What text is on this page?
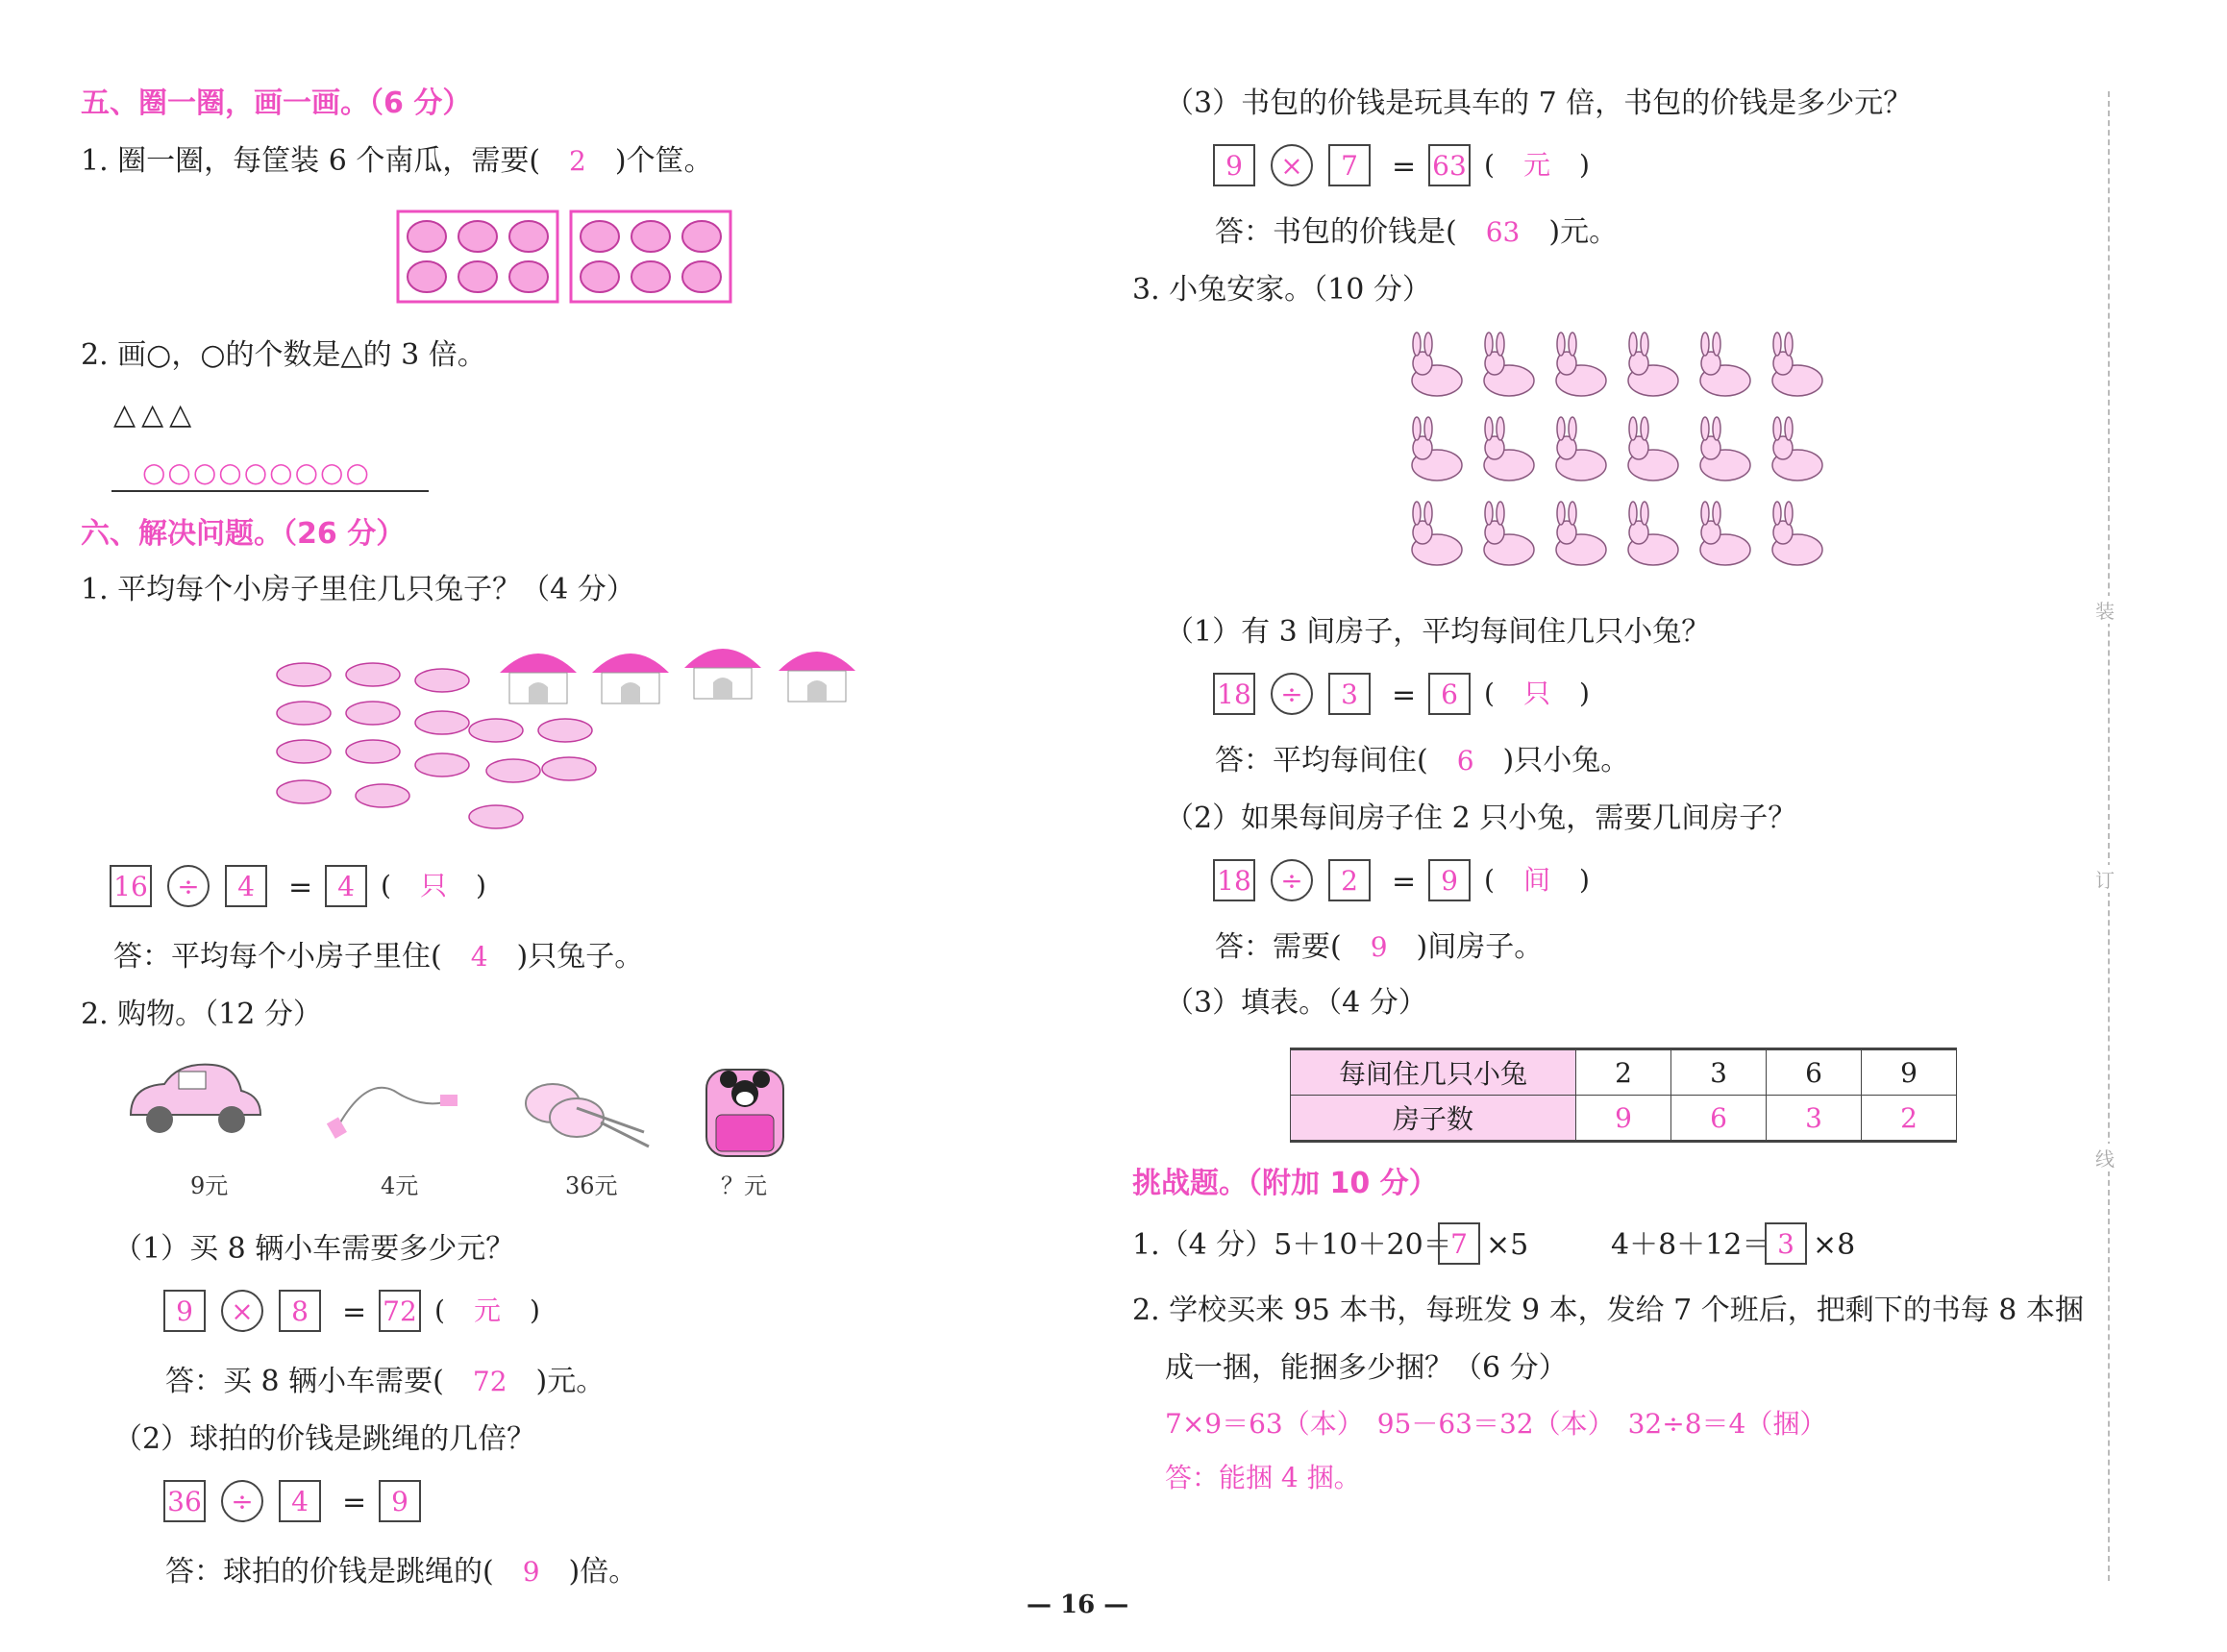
五、圈一圈，画一画。（6 分）
1. 圈一圈，每筐装 6 个南瓜，需要( 2 )个筐。
2. 画○，○的个数是△的 3 倍。
△△△
○○○○○○○○○
六、解决问题。（26 分）
1. 平均每个小房子里住几只兔子？（4 分）
16	÷	4	= 4 ( 只 )
答：平均每个小房子里住( 4 )只兔子。
2. 购物。（12 分）
9元	4元	36元	？元
（1）买 8 辆小车需要多少元？
9	×	8	= 72 ( 元 )
答：买 8 辆小车需要( 72 )元。
（2）球拍的价钱是跳绳的几倍？
36	÷	4	= 9
答：球拍的价钱是跳绳的( 9 )倍。
（3）书包的价钱是玩具车的 7 倍，书包的价钱是多少元？
9	×	7	= 63 ( 元 )
答：书包的价钱是( 63 )元。
3. 小兔安家。（10 分）
（1）有 3 间房子，平均每间住几只小兔？
18	÷	3	= 6 ( 只 )
答：平均每间住( 6 )只小兔。
（2）如果每间房子住 2 只小兔，需要几间房子？
18	÷	2	= 9 ( 间 )
答：需要( 9 )间房子。
（3）填表。（4 分）
每间住几只小兔	2	3	6	9
房子数	9	6	3	2
挑战题。（附加 10 分）
1.（4 分）5＋10＋20＝
7 ×5	4＋8＋12＝ 3 ×8
2. 学校买来 95 本书，每班发 9 本，发给 7 个班后，把剩下的书每 8 本捆
成一捆，能捆多少捆？（6 分）
7×9＝63（本）　95－63＝32（本）　32÷8＝4（捆）
答：能捆 4 捆。
装
订
线
— 16 —
